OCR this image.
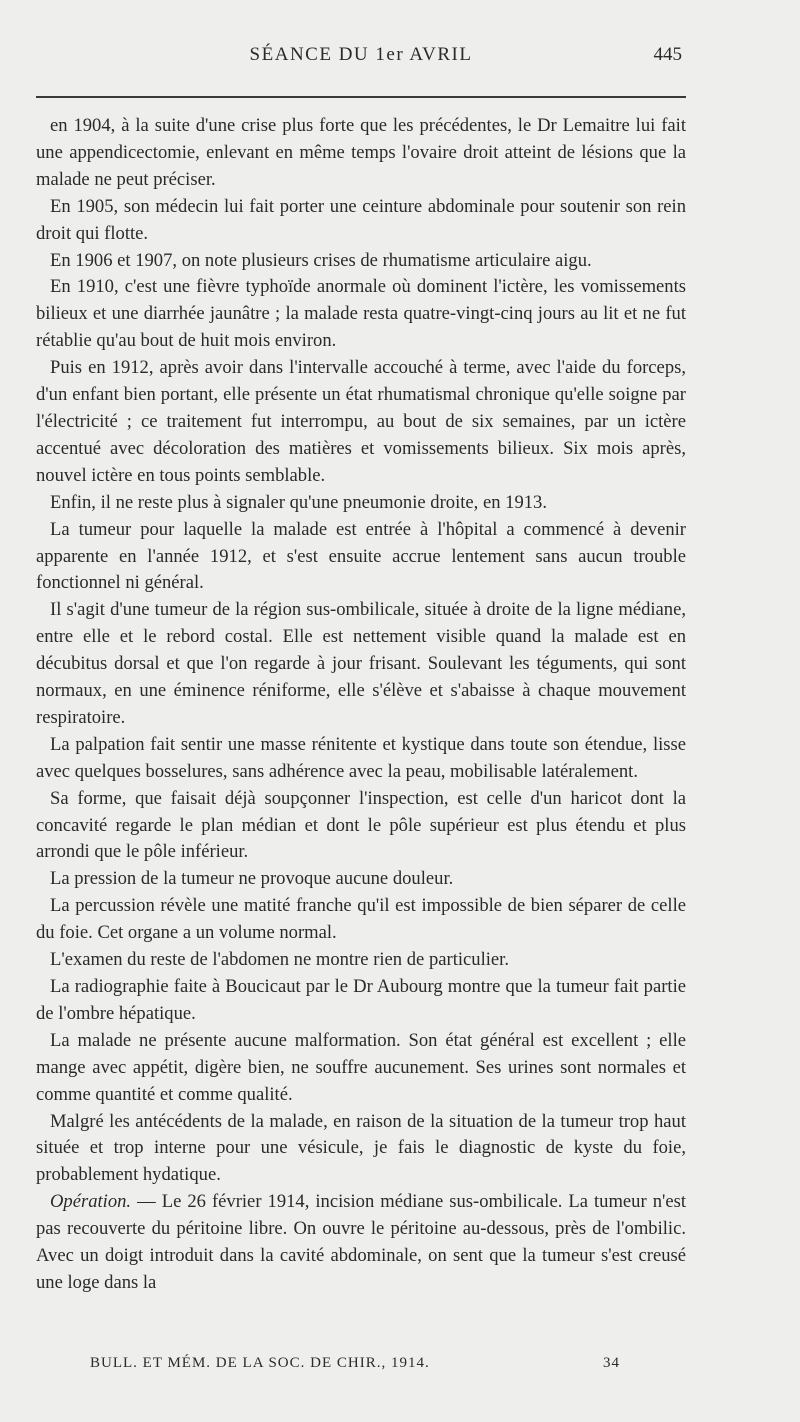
SÉANCE DU 1er AVRIL	445

en 1904, à la suite d'une crise plus forte que les précédentes, le Dr Lemaitre lui fait une appendicectomie, enlevant en même temps l'ovaire droit atteint de lésions que la malade ne peut préciser.

En 1905, son médecin lui fait porter une ceinture abdominale pour soutenir son rein droit qui flotte.

En 1906 et 1907, on note plusieurs crises de rhumatisme articulaire aigu.

En 1910, c'est une fièvre typhoïde anormale où dominent l'ictère, les vomissements bilieux et une diarrhée jaunâtre ; la malade resta quatre-vingt-cinq jours au lit et ne fut rétablie qu'au bout de huit mois environ.

Puis en 1912, après avoir dans l'intervalle accouché à terme, avec l'aide du forceps, d'un enfant bien portant, elle présente un état rhumatismal chronique qu'elle soigne par l'électricité ; ce traitement fut interrompu, au bout de six semaines, par un ictère accentué avec décoloration des matières et vomissements bilieux. Six mois après, nouvel ictère en tous points semblable.

Enfin, il ne reste plus à signaler qu'une pneumonie droite, en 1913.

La tumeur pour laquelle la malade est entrée à l'hôpital a commencé à devenir apparente en l'année 1912, et s'est ensuite accrue lentement sans aucun trouble fonctionnel ni général.

Il s'agit d'une tumeur de la région sus-ombilicale, située à droite de la ligne médiane, entre elle et le rebord costal. Elle est nettement visible quand la malade est en décubitus dorsal et que l'on regarde à jour frisant. Soulevant les téguments, qui sont normaux, en une éminence réniforme, elle s'élève et s'abaisse à chaque mouvement respiratoire.

La palpation fait sentir une masse rénitente et kystique dans toute son étendue, lisse avec quelques bosselures, sans adhérence avec la peau, mobilisable latéralement.

Sa forme, que faisait déjà soupçonner l'inspection, est celle d'un haricot dont la concavité regarde le plan médian et dont le pôle supérieur est plus étendu et plus arrondi que le pôle inférieur.

La pression de la tumeur ne provoque aucune douleur.

La percussion révèle une matité franche qu'il est impossible de bien séparer de celle du foie. Cet organe a un volume normal.

L'examen du reste de l'abdomen ne montre rien de particulier.

La radiographie faite à Boucicaut par le Dr Aubourg montre que la tumeur fait partie de l'ombre hépatique.

La malade ne présente aucune malformation. Son état général est excellent ; elle mange avec appétit, digère bien, ne souffre aucunement. Ses urines sont normales et comme quantité et comme qualité.

Malgré les antécédents de la malade, en raison de la situation de la tumeur trop haut située et trop interne pour une vésicule, je fais le diagnostic de kyste du foie, probablement hydatique.

Opération. — Le 26 février 1914, incision médiane sus-ombilicale. La tumeur n'est pas recouverte du péritoine libre. On ouvre le péritoine au-dessous, près de l'ombilic. Avec un doigt introduit dans la cavité abdominale, on sent que la tumeur s'est creusé une loge dans la

BULL. ET MÉM. DE LA SOC. DE CHIR., 1914.	34
